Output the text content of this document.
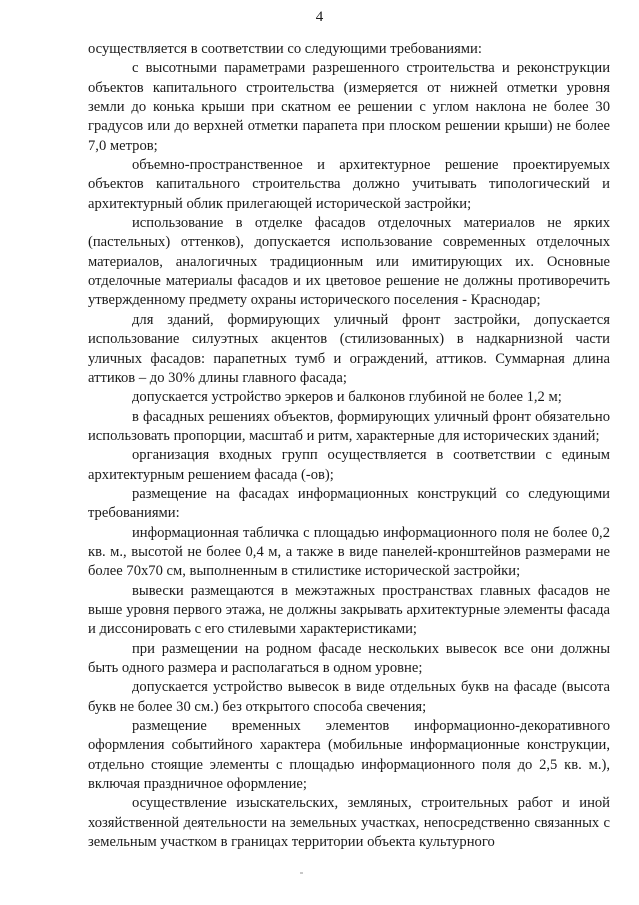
4

осуществляется в соответствии со следующими требованиями:

с высотными параметрами разрешенного строительства и реконструкции объектов капитального строительства (измеряется от нижней отметки уровня земли до конька крыши при скатном ее решении с углом наклона не более 30 градусов или до верхней отметки парапета при плоском решении крыши) не более 7,0 метров;

объемно-пространственное и архитектурное решение проектируемых объектов капитального строительства должно учитывать типологический и архитектурный облик прилегающей исторической застройки;

использование в отделке фасадов отделочных материалов не ярких (пастельных) оттенков), допускается использование современных отделочных материалов, аналогичных традиционным или имитирующих их. Основные отделочные материалы фасадов и их цветовое решение не должны противоречить утвержденному предмету охраны исторического поселения - Краснодар;

для зданий, формирующих уличный фронт застройки, допускается использование силуэтных акцентов (стилизованных) в надкарнизной части уличных фасадов: парапетных тумб и ограждений, аттиков. Суммарная длина аттиков – до 30% длины главного фасада;

допускается устройство эркеров и балконов глубиной не более 1,2 м;

в фасадных решениях объектов, формирующих уличный фронт обязательно использовать пропорции, масштаб и ритм, характерные для исторических зданий;

организация входных групп осуществляется в соответствии с единым архитектурным решением фасада (-ов);

размещение на фасадах информационных конструкций со следующими требованиями:

информационная табличка с площадью информационного поля не более 0,2 кв. м., высотой не более 0,4 м, а также в виде панелей-кронштейнов размерами не более 70х70 см, выполненным в стилистике исторической застройки;

вывески размещаются в межэтажных пространствах главных фасадов не выше уровня первого этажа, не должны закрывать архитектурные элементы фасада и диссонировать с его стилевыми характеристиками;

при размещении на родном фасаде нескольких вывесок все они должны быть одного размера и располагаться в одном уровне;

допускается устройство вывесок в виде отдельных букв на фасаде (высота букв не более 30 см.) без открытого способа свечения;

размещение временных элементов информационно-декоративного оформления событийного характера (мобильные информационные конструкции, отдельно стоящие элементы с площадью информационного поля до 2,5 кв. м.), включая праздничное оформление;

осуществление изыскательских, земляных, строительных работ и иной хозяйственной деятельности на земельных участках, непосредственно связанных с земельным участком в границах территории объекта культурного
